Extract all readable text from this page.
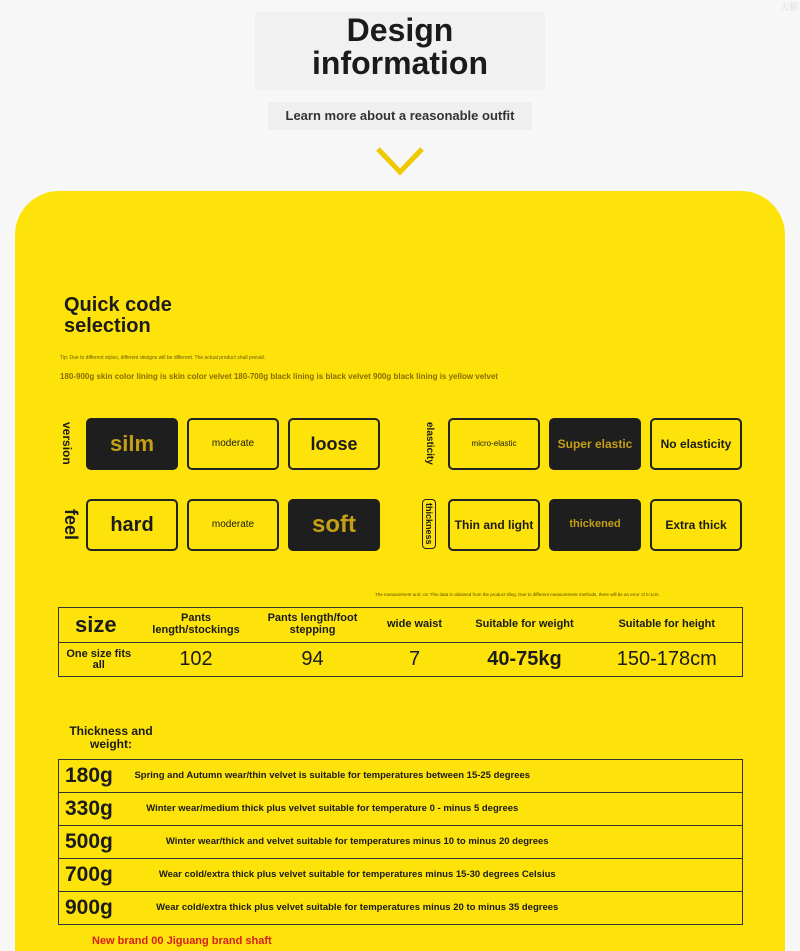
Design
information
Learn more about a reasonable outfit
天猫
Quick code
selection
Tip: Due to different styles, different designs will be different. The actual product shall prevail.
180-900g skin color lining is skin color velvet 180-700g black lining is black velvet 900g black lining is yellow velvet
version	silm	moderate	loose	elasticity	micro-elastic	Super elastic	No elasticity
feel	hard	moderate	soft	thickness	Thin and light	thickened	Extra thick
The measurement unit: cm This data is obtained from the product tiling. Due to different measurement methods, there will be an error of 0-1cm.
size	Pants length/stockings	Pants length/foot stepping	wide waist	Suitable for weight	Suitable for height
One size fits all	102	94	7	40-75kg	150-178cm
Thickness and weight:
180g	Spring and Autumn wear/thin velvet is suitable for temperatures between 15-25 degrees
330g	Winter wear/medium thick plus velvet suitable for temperature 0 - minus 5 degrees
500g	Winter wear/thick and velvet suitable for temperatures minus 10 to minus 20 degrees
700g	Wear cold/extra thick plus velvet suitable for temperatures minus 15-30 degrees Celsius
900g	Wear cold/extra thick plus velvet suitable for temperatures minus 20 to minus 35 degrees
New brand 00 Jiguang brand shaft
